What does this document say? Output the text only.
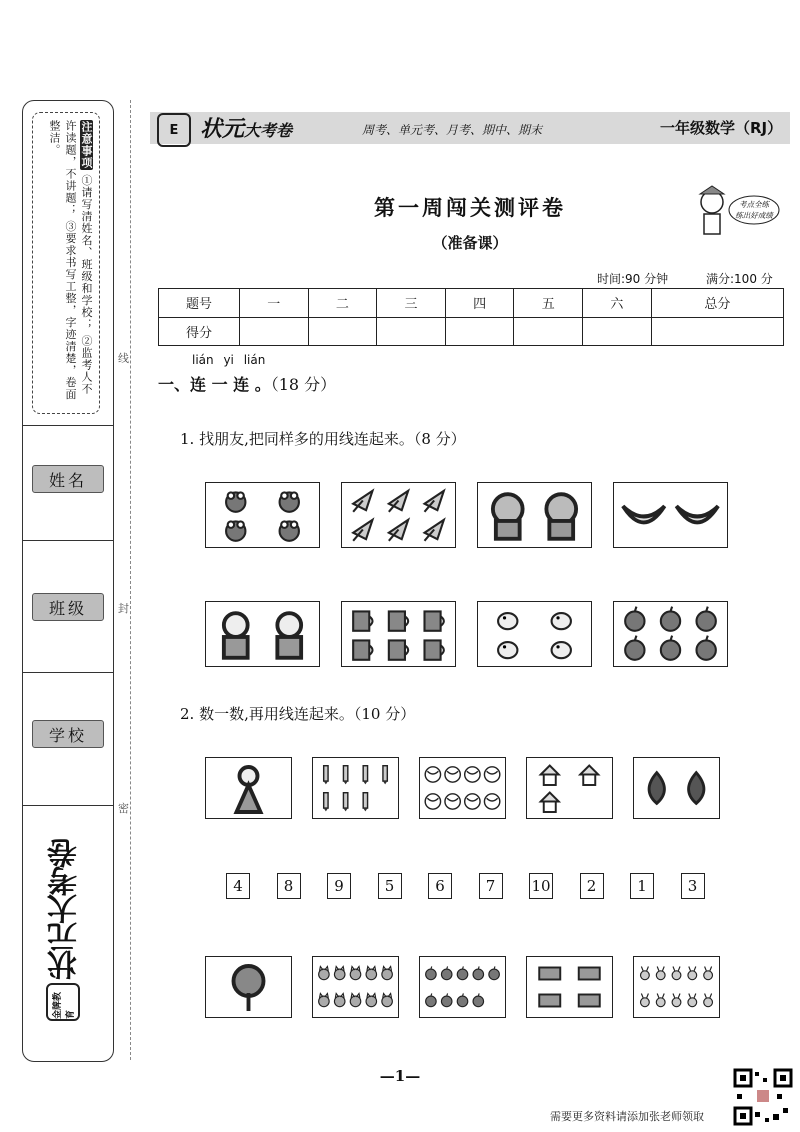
注意事项 ①请写清姓名、班级和学校； ②监考人不许读题，不讲题； ③要求书写工整，字迹清楚，卷面整洁。
姓名
班级
学校
状元大考卷
金牌教育
线
封
密
E 状元大考卷	周考、单元考、月考、期中、期末	一年级数学（RJ）
第一周闯关测评卷
（准备课）
考点全练
练出好成绩
时间:90 分钟	满分:100 分
题号	一	二	三	四	五	六	总分
得分							
lián yi lián
一、连 一 连 。（18 分）
1. 找朋友,把同样多的用线连起来。（8 分）
2. 数一数,再用线连起来。（10 分）
4	8	9	5	6	7	10	2	1	3
—1—
需要更多资料请添加张老师领取
